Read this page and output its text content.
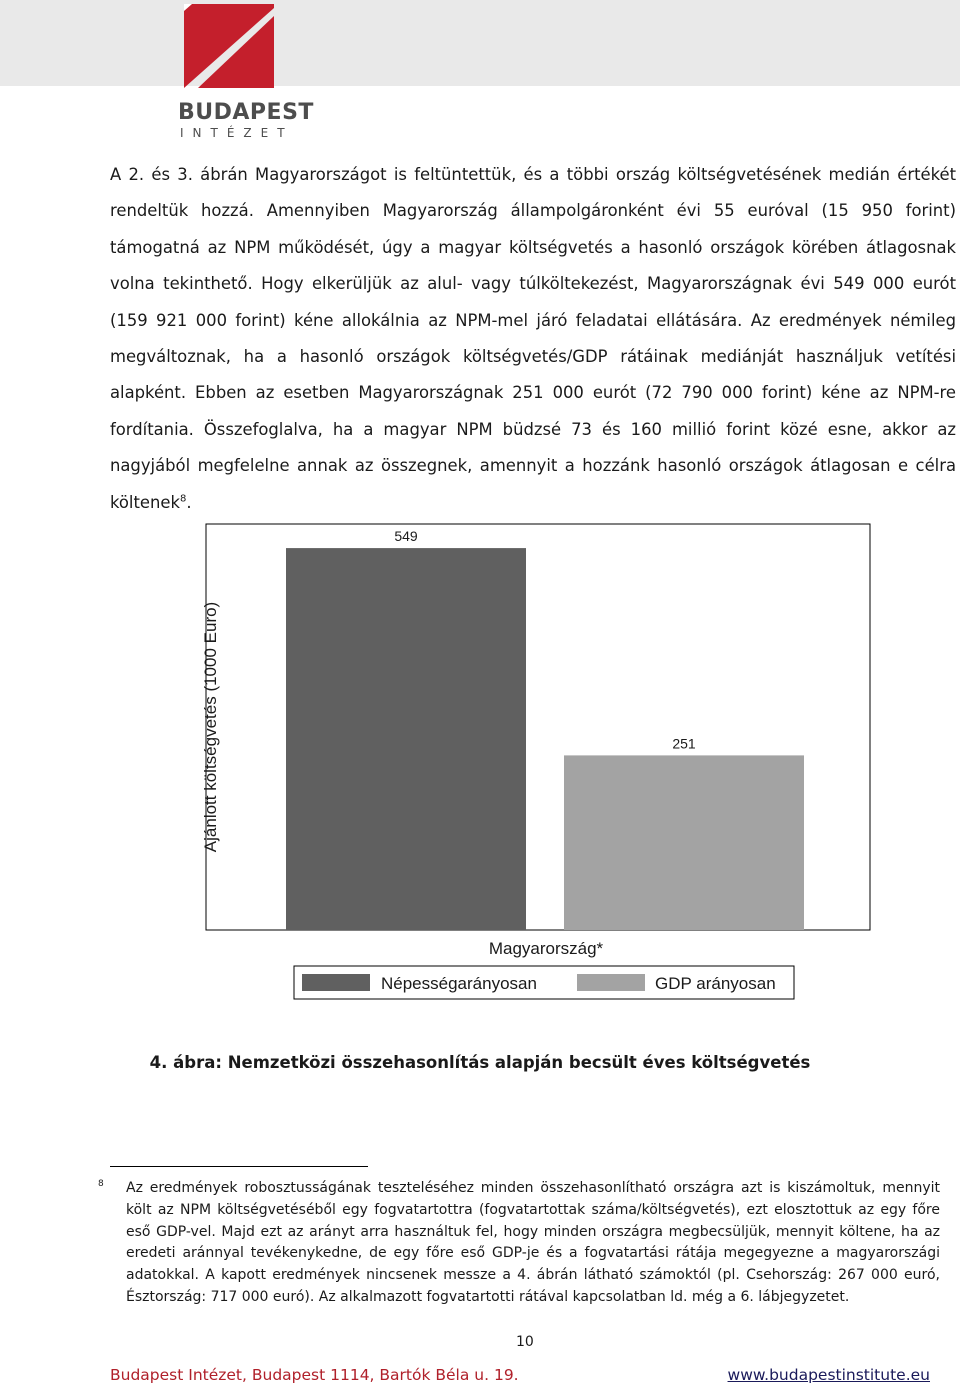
BUDAPEST
INTÉZET

A 2. és 3. ábrán Magyarországot is feltüntettük, és a többi ország költségvetésének medián értékét rendeltük hozzá. Amennyiben Magyarország állampolgáronként évi 55 euróval (15 950 forint) támogatná az NPM működését, úgy a magyar költségvetés a hasonló országok körében átlagosnak volna tekinthető. Hogy elkerüljük az alul- vagy túlköltekezést, Magyarországnak évi 549 000 eurót (159 921 000 forint) kéne allokálnia az NPM-mel járó feladatai ellátására. Az eredmények némileg megváltoznak, ha a hasonló országok költségvetés/GDP rátáinak mediánját használjuk vetítési alapként. Ebben az esetben Magyarországnak 251 000 eurót (72 790 000 forint) kéne az NPM-re fordítania. Összefoglalva, ha a magyar NPM büdzsé 73 és 160 millió forint közé esne, akkor az nagyjából megfelelne annak az összegnek, amennyit a hozzánk hasonló országok átlagosan e célra költenek$^8$.

Ajánlott költségvetés (1000 Euro)
549
251
Magyarország*
Népességarányosan	GDP arányosan

4. ábra: Nemzetközi összehasonlítás alapján becsült éves költségvetés

8	Az eredmények robosztusságának teszteléséhez minden összehasonlítható országra azt is kiszámoltuk, mennyit költ az NPM költségvetéséből egy fogvatartottra (fogvatartottak száma/költségvetés), ezt elosztottuk az egy főre eső GDP-vel. Majd ezt az arányt arra használtuk fel, hogy minden országra megbecsüljük, mennyit költene, ha az eredeti aránnyal tevékenykedne, de egy főre eső GDP-je és a fogvatartási rátája megegyezne a magyarországi adatokkal. A kapott eredmények nincsenek messze a 4. ábrán látható számoktól (pl. Csehország: 267 000 euró, Észtország: 717 000 euró). Az alkalmazott fogvatartotti rátával kapcsolatban ld. még a 6. lábjegyzetet.

10
Budapest Intézet, Budapest 1114, Bartók Béla u. 19.	www.budapestinstitute.eu
